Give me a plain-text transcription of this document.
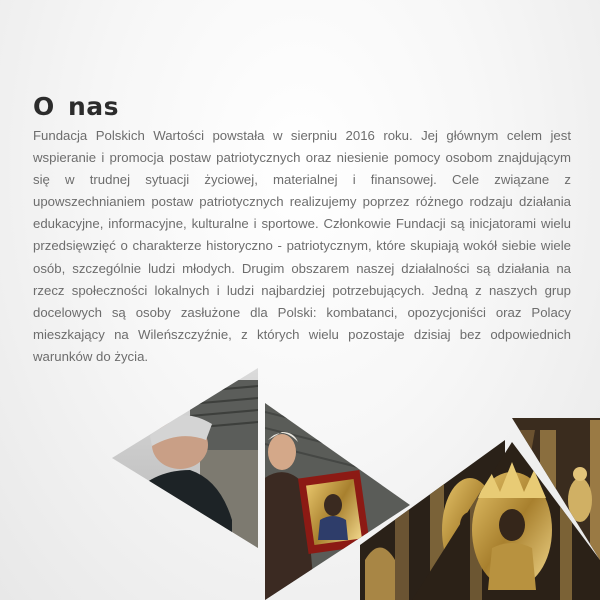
O nas

Fundacja Polskich Wartości powstała w sierpniu 2016 roku. Jej głównym celem jest wspieranie i promocja postaw patriotycznych oraz niesienie pomocy osobom znajdującym się w trudnej sytuacji życiowej, materialnej i finansowej. Cele związane z upowszechnianiem postaw patriotycznych realizujemy poprzez różnego rodzaju działania edukacyjne, informacyjne, kulturalne i sportowe. Członkowie Fundacji są inicjatorami wielu przedsięwzięć o charakterze historyczno - patriotycznym, które skupiają wokół siebie wiele osób, szczególnie ludzi młodych. Drugim obszarem naszej działalności są działania na rzecz społeczności lokalnych i ludzi najbardziej potrzebujących. Jedną z naszych grup docelowych są osoby zasłużone dla Polski: kombatanci, opozycjoniści oraz Polacy mieszkający na Wileńszczyźnie, z których wielu pozostaje dzisiaj bez odpowiednich warunków do życia.
